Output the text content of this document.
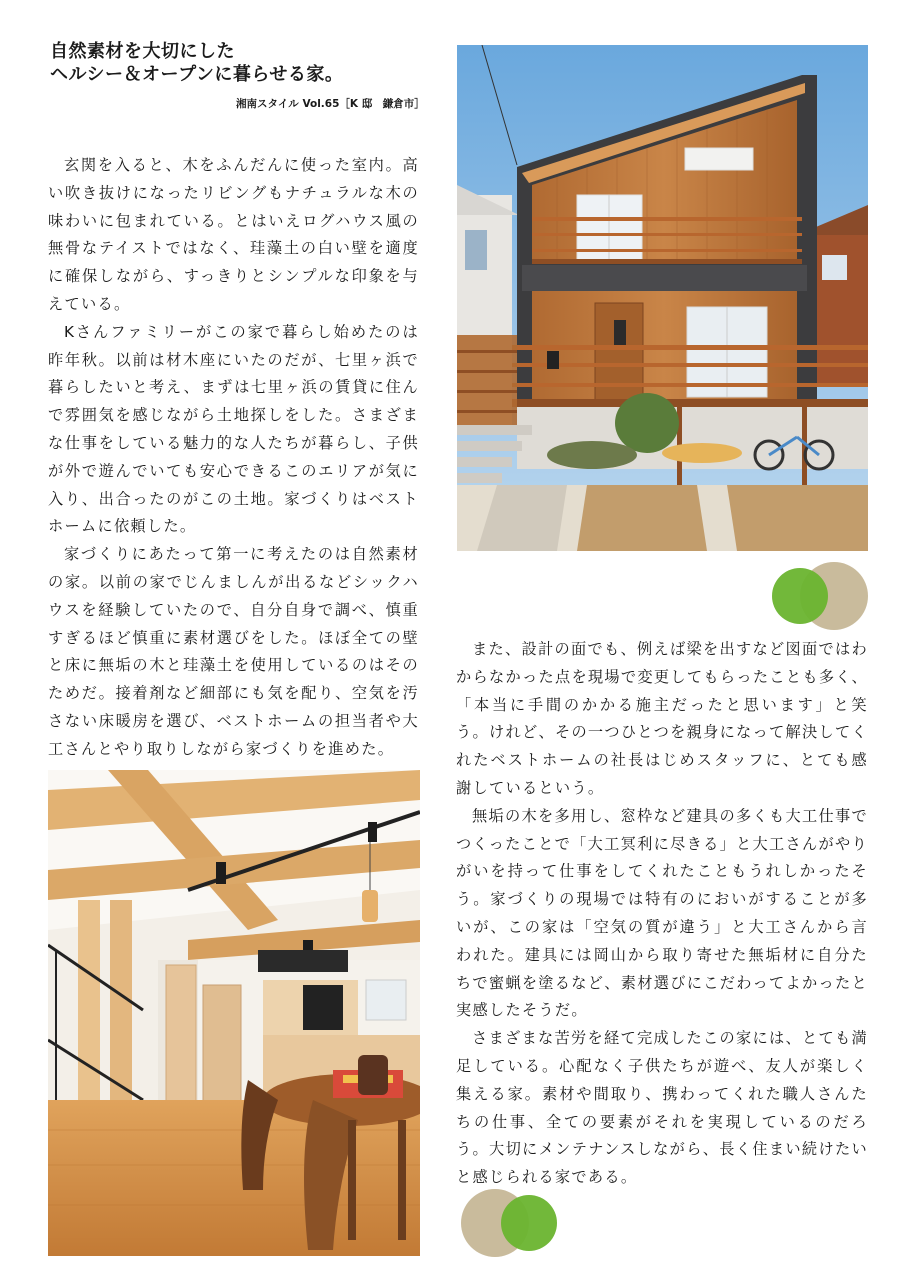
自然素材を大切にした
ヘルシー＆オープンに暮らせる家。
湘南スタイル Vol.65［K 邸　鎌倉市］

玄関を入ると、木をふんだんに使った室内。高い吹き抜けになったリビングもナチュラルな木の味わいに包まれている。とはいえログハウス風の無骨なテイストではなく、珪藻土の白い壁を適度に確保しながら、すっきりとシンプルな印象を与えている。

Kさんファミリーがこの家で暮らし始めたのは昨年秋。以前は材木座にいたのだが、七里ヶ浜で暮らしたいと考え、まずは七里ヶ浜の賃貸に住んで雰囲気を感じながら土地探しをした。さまざまな仕事をしている魅力的な人たちが暮らし、子供が外で遊んでいても安心できるこのエリアが気に入り、出合ったのがこの土地。家づくりはベストホームに依頼した。

家づくりにあたって第一に考えたのは自然素材の家。以前の家でじんましんが出るなどシックハウスを経験していたので、自分自身で調べ、慎重すぎるほど慎重に素材選びをした。ほぼ全ての壁と床に無垢の木と珪藻土を使用しているのはそのためだ。接着剤など細部にも気を配り、空気を汚さない床暖房を選び、ベストホームの担当者や大工さんとやり取りしながら家づくりを進めた。

また、設計の面でも、例えば梁を出すなど図面ではわからなかった点を現場で変更してもらったことも多く、「本当に手間のかかる施主だったと思います」と笑う。けれど、その一つひとつを親身になって解決してくれたベストホームの社長はじめスタッフに、とても感謝しているという。

無垢の木を多用し、窓枠など建具の多くも大工仕事でつくったことで「大工冥利に尽きる」と大工さんがやりがいを持って仕事をしてくれたこともうれしかったそう。家づくりの現場では特有のにおいがすることが多いが、この家は「空気の質が違う」と大工さんから言われた。建具には岡山から取り寄せた無垢材に自分たちで蜜蝋を塗るなど、素材選びにこだわってよかったと実感したそうだ。

さまざまな苦労を経て完成したこの家には、とても満足している。心配なく子供たちが遊べ、友人が楽しく集える家。素材や間取り、携わってくれた職人さんたちの仕事、全ての要素がそれを実現しているのだろう。大切にメンテナンスしながら、長く住まい続けたいと感じられる家である。
